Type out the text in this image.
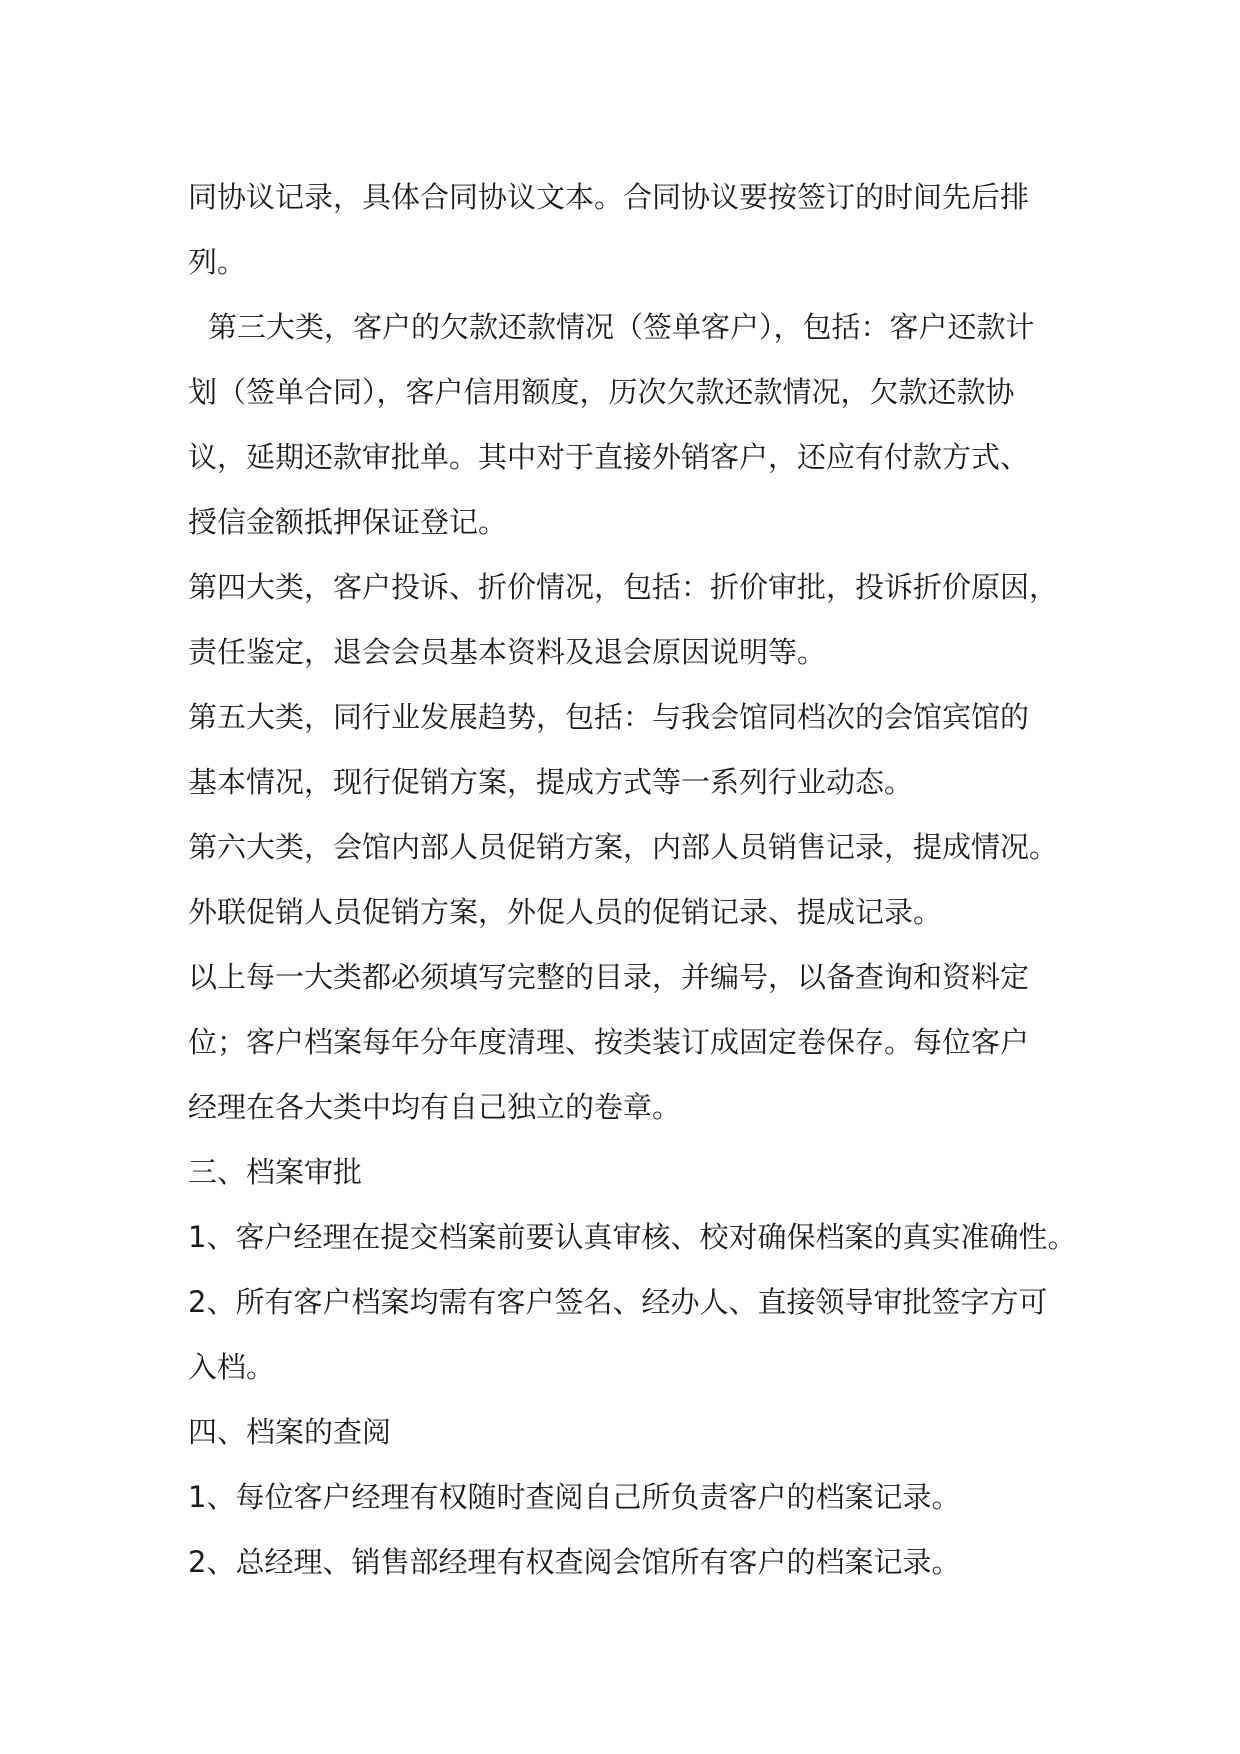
同协议记录，具体合同协议文本。合同协议要按签订的时间先后排

列。

第三大类，客户的欠款还款情况（签单客户），包括：客户还款计

划（签单合同），客户信用额度，历次欠款还款情况，欠款还款协

议，延期还款审批单。其中对于直接外销客户，还应有付款方式、

授信金额抵押保证登记。

第四大类，客户投诉、折价情况，包括：折价审批，投诉折价原因，

责任鉴定，退会会员基本资料及退会原因说明等。

第五大类，同行业发展趋势，包括：与我会馆同档次的会馆宾馆的

基本情况，现行促销方案，提成方式等一系列行业动态。

第六大类，会馆内部人员促销方案，内部人员销售记录，提成情况。

外联促销人员促销方案，外促人员的促销记录、提成记录。

以上每一大类都必须填写完整的目录，并编号，以备查询和资料定

位；客户档案每年分年度清理、按类装订成固定卷保存。每位客户

经理在各大类中均有自己独立的卷章。

三、档案审批

1、客户经理在提交档案前要认真审核、校对确保档案的真实准确性。

2、所有客户档案均需有客户签名、经办人、直接领导审批签字方可

入档。

四、档案的查阅

1、每位客户经理有权随时查阅自己所负责客户的档案记录。

2、总经理、销售部经理有权查阅会馆所有客户的档案记录。
